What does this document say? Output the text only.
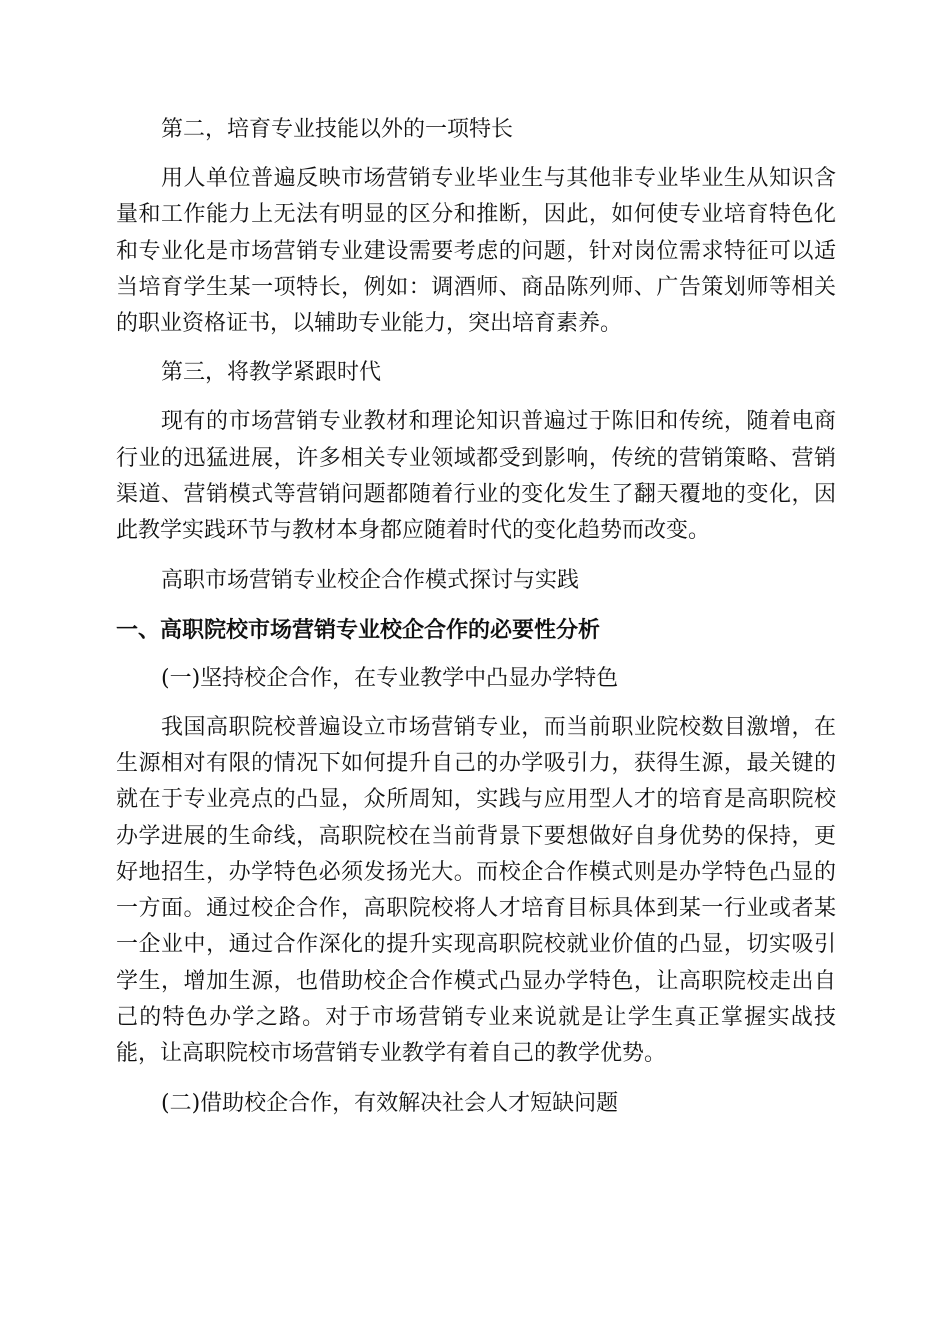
第二，培育专业技能以外的一项特长

用人单位普遍反映市场营销专业毕业生与其他非专业毕业生从知识含量和工作能力上无法有明显的区分和推断，因此，如何使专业培育特色化和专业化是市场营销专业建设需要考虑的问题，针对岗位需求特征可以适当培育学生某一项特长，例如：调酒师、商品陈列师、广告策划师等相关的职业资格证书，以辅助专业能力，突出培育素养。

第三，将教学紧跟时代

现有的市场营销专业教材和理论知识普遍过于陈旧和传统，随着电商行业的迅猛进展，许多相关专业领域都受到影响，传统的营销策略、营销渠道、营销模式等营销问题都随着行业的变化发生了翻天覆地的变化，因此教学实践环节与教材本身都应随着时代的变化趋势而改变。

高职市场营销专业校企合作模式探讨与实践

一、高职院校市场营销专业校企合作的必要性分析

(一)坚持校企合作，在专业教学中凸显办学特色

我国高职院校普遍设立市场营销专业，而当前职业院校数目激增，在生源相对有限的情况下如何提升自己的办学吸引力，获得生源，最关键的就在于专业亮点的凸显，众所周知，实践与应用型人才的培育是高职院校办学进展的生命线，高职院校在当前背景下要想做好自身优势的保持，更好地招生，办学特色必须发扬光大。而校企合作模式则是办学特色凸显的一方面。通过校企合作，高职院校将人才培育目标具体到某一行业或者某一企业中，通过合作深化的提升实现高职院校就业价值的凸显，切实吸引学生，增加生源，也借助校企合作模式凸显办学特色，让高职院校走出自己的特色办学之路。对于市场营销专业来说就是让学生真正掌握实战技能，让高职院校市场营销专业教学有着自己的教学优势。

(二)借助校企合作，有效解决社会人才短缺问题
